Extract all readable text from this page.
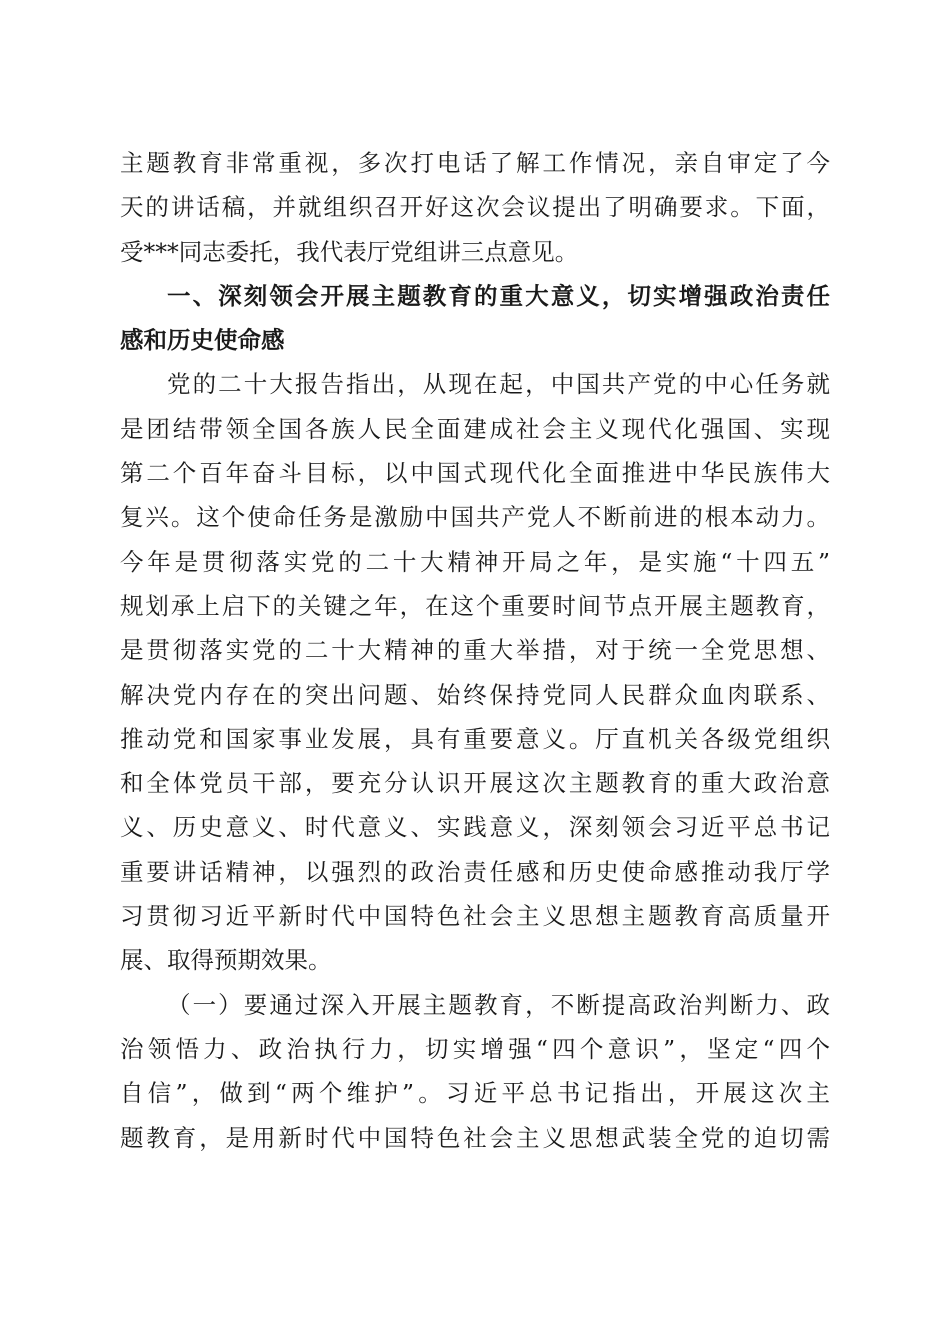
主题教育非常重视，多次打电话了解工作情况，亲自审定了今
天的讲话稿，并就组织召开好这次会议提出了明确要求。下面，
受***同志委托，我代表厅党组讲三点意见。
一、深刻领会开展主题教育的重大意义，切实增强政治责任
感和历史使命感
党的二十大报告指出，从现在起，中国共产党的中心任务就
是团结带领全国各族人民全面建成社会主义现代化强国、实现
第二个百年奋斗目标，以中国式现代化全面推进中华民族伟大
复兴。这个使命任务是激励中国共产党人不断前进的根本动力。
今年是贯彻落实党的二十大精神开局之年，是实施“十四五”
规划承上启下的关键之年，在这个重要时间节点开展主题教育，
是贯彻落实党的二十大精神的重大举措，对于统一全党思想、
解决党内存在的突出问题、始终保持党同人民群众血肉联系、
推动党和国家事业发展，具有重要意义。厅直机关各级党组织
和全体党员干部，要充分认识开展这次主题教育的重大政治意
义、历史意义、时代意义、实践意义，深刻领会习近平总书记
重要讲话精神，以强烈的政治责任感和历史使命感推动我厅学
习贯彻习近平新时代中国特色社会主义思想主题教育高质量开
展、取得预期效果。
（一）要通过深入开展主题教育，不断提高政治判断力、政
治领悟力、政治执行力，切实增强“四个意识”，坚定“四个
自信”，做到“两个维护”。习近平总书记指出，开展这次主
题教育，是用新时代中国特色社会主义思想武装全党的迫切需
